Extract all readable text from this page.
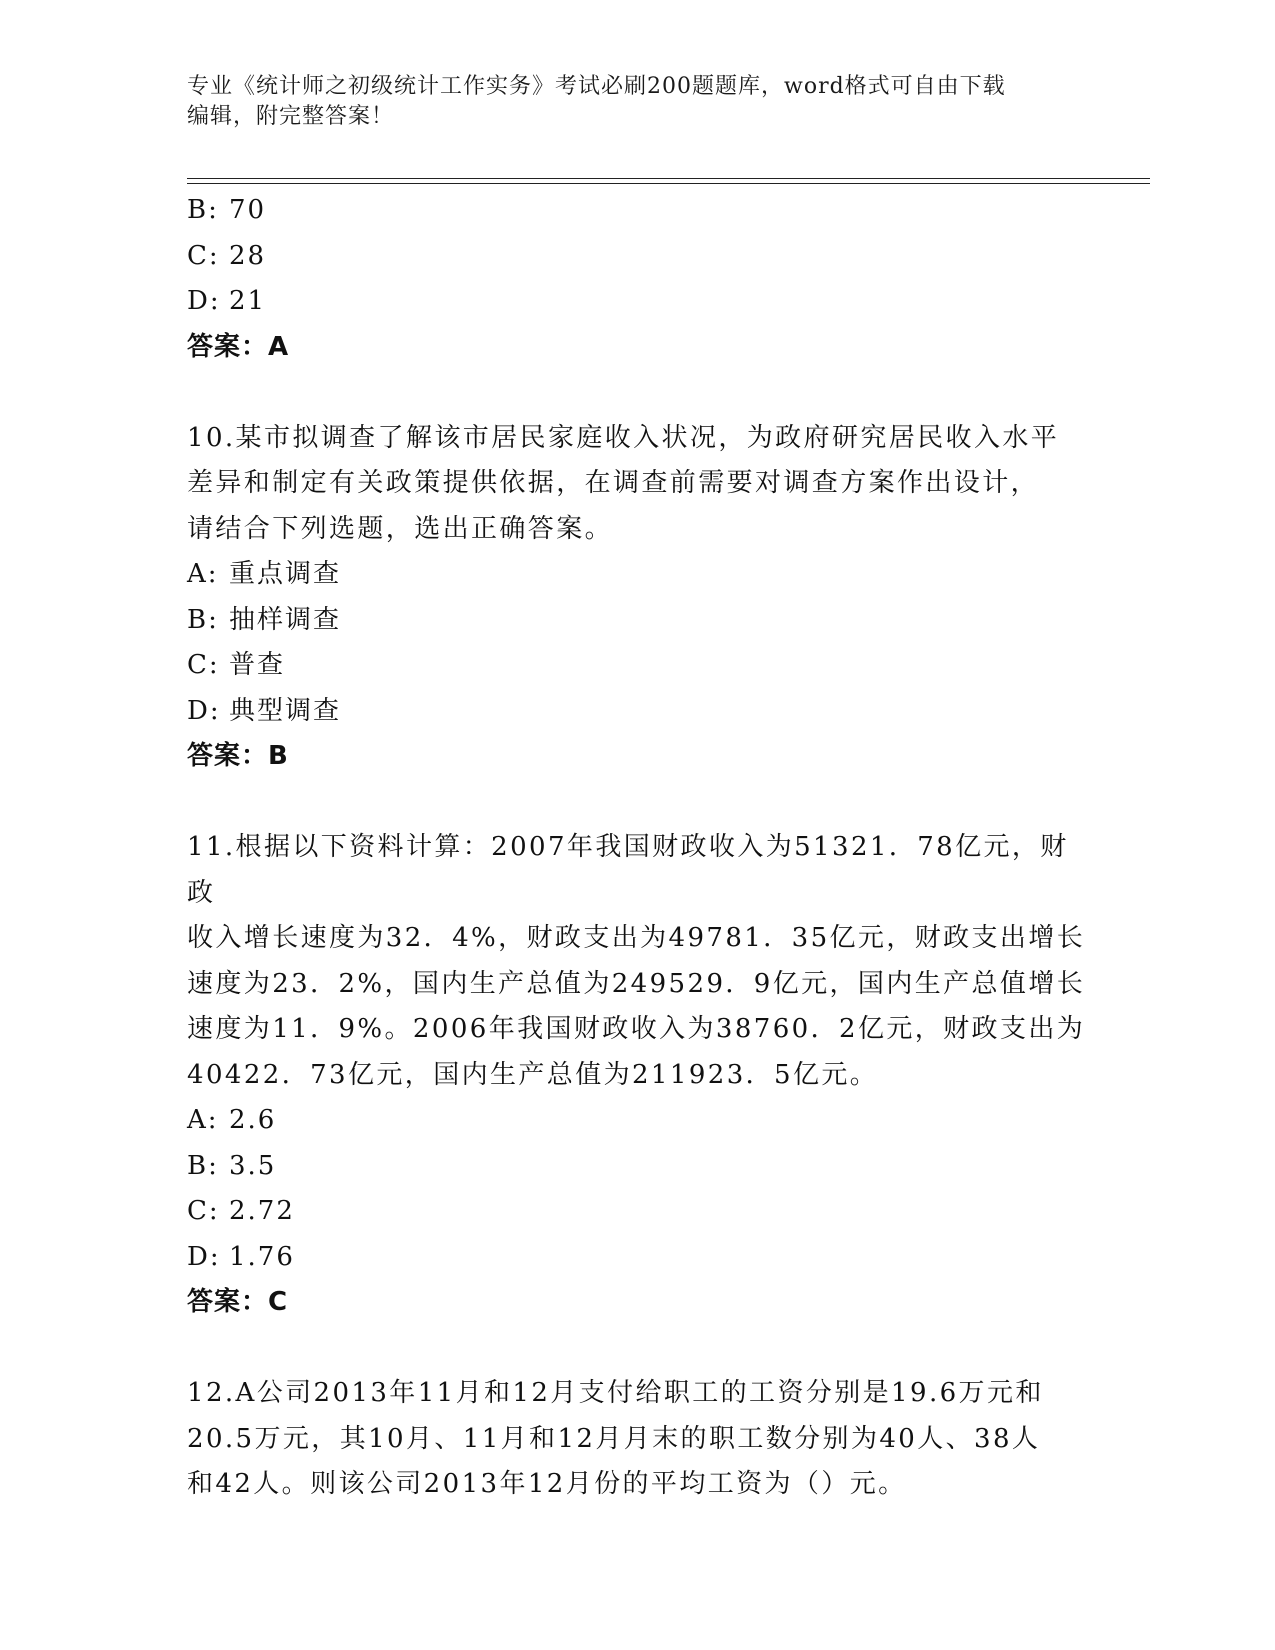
专业《统计师之初级统计工作实务》考试必刷200题题库，word格式可自由下载
编辑，附完整答案！
B: 70
C: 28
D: 21
答案：A
10.某市拟调查了解该市居民家庭收入状况，为政府研究居民收入水平
差异和制定有关政策提供依据，在调查前需要对调查方案作出设计，
请结合下列选题，选出正确答案。
A: 重点调查
B: 抽样调查
C: 普查
D: 典型调查
答案：B
11.根据以下资料计算：2007年我国财政收入为51321．78亿元，财政
收入增长速度为32．4%，财政支出为49781．35亿元，财政支出增长
速度为23．2%，国内生产总值为249529．9亿元，国内生产总值增长
速度为11．9%。2006年我国财政收入为38760．2亿元，财政支出为
40422．73亿元，国内生产总值为211923．5亿元。
A: 2.6
B: 3.5
C: 2.72
D: 1.76
答案：C
12.A公司2013年11月和12月支付给职工的工资分别是19.6万元和
20.5万元，其10月、11月和12月月末的职工数分别为40人、38人
和42人。则该公司2013年12月份的平均工资为（）元。
